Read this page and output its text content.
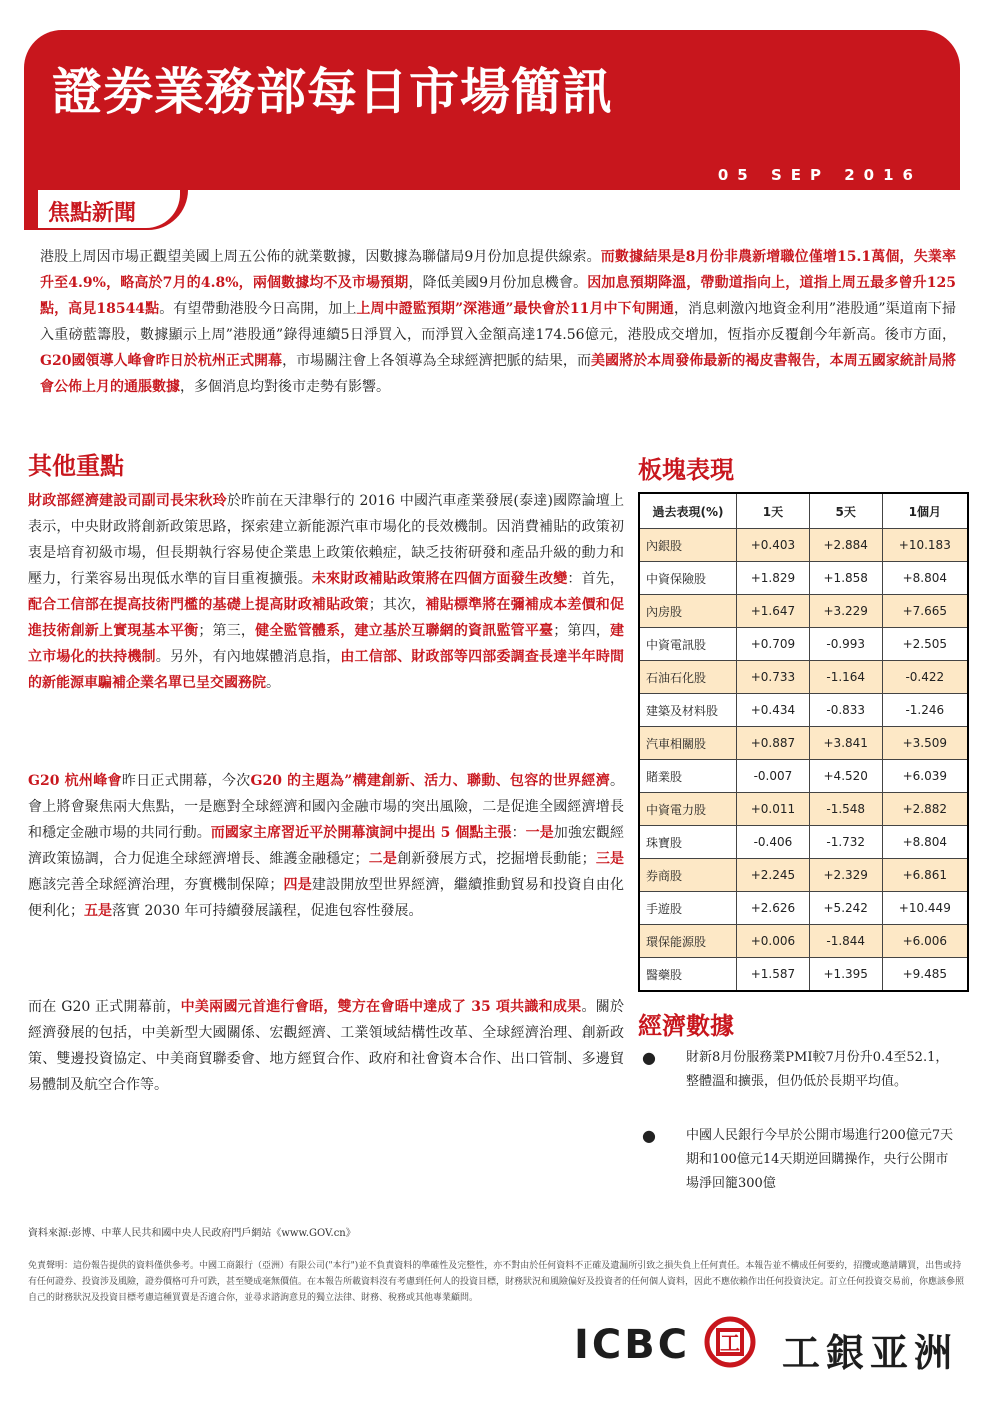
證劵業務部每日市場簡訊
05 SEP 2016
焦點新聞
港股上周因市場正觀望美國上周五公佈的就業數據，因數據為聯儲局9月份加息提供線索。而數據結果是8月份非農新增職位僅增15.1萬個，失業率升至4.9%，略高於7月的4.8%，兩個數據均不及市場預期，降低美國9月份加息機會。因加息預期降溫，帶動道指向上，道指上周五最多曾升125點，高見18544點。有望帶動港股今日高開，加上上周中證監預期”深港通”最快會於11月中下旬開通，消息刺激內地資金利用”港股通”渠道南下掃入重磅藍籌股，數據顯示上周”港股通”錄得連續5日淨買入，而淨買入金額高達174.56億元，港股成交增加，恆指亦反覆創今年新高。後市方面，G20國領導人峰會昨日於杭州正式開幕，市場關注會上各領導為全球經濟把脈的結果，而美國將於本周發佈最新的褐皮書報告，本周五國家統計局將會公佈上月的通脹數據，多個消息均對後市走勢有影響。
其他重點
財政部經濟建設司副司長宋秋玲於昨前在天津舉行的 2016 中國汽車產業發展(泰達)國際論壇上表示，中央財政將創新政策思路，探索建立新能源汽車市場化的長效機制。因消費補貼的政策初衷是培育初級市場，但長期執行容易使企業患上政策依賴症，缺乏技術研發和產品升級的動力和壓力，行業容易出現低水準的盲目重複擴張。未來財政補貼政策將在四個方面發生改變：首先，配合工信部在提高技術門檻的基礎上提高財政補貼政策；其次，補貼標準將在彌補成本差價和促進技術創新上實現基本平衡；第三，健全監管體系，建立基於互聯網的資訊監管平臺；第四，建立市場化的扶持機制。另外，有內地媒體消息指，由工信部、財政部等四部委調查長達半年時間的新能源車騙補企業名單已呈交國務院。
G20 杭州峰會昨日正式開幕，今次G20 的主題為”構建創新、活力、聯動、包容的世界經濟。會上將會聚焦兩大焦點，一是應對全球經濟和國內金融市場的突出風險，二是促進全國經濟增長和穩定金融市場的共同行動。而國家主席習近平於開幕演詞中提出 5 個點主張：一是加強宏觀經濟政策協調，合力促進全球經濟增長、維護金融穩定；二是創新發展方式，挖掘增長動能；三是應該完善全球經濟治理，夯實機制保障；四是建設開放型世界經濟，繼續推動貿易和投資自由化便利化；五是落實 2030 年可持續發展議程，促進包容性發展。
而在 G20 正式開幕前，中美兩國元首進行會晤，雙方在會晤中達成了 35 項共識和成果。關於經濟發展的包括，中美新型大國關係、宏觀經濟、工業領域結構性改革、全球經濟治理、創新政策、雙邊投資協定、中美商貿聯委會、地方經貿合作、政府和社會資本合作、出口管制、多邊貿易體制及航空合作等。
板塊表現
過去表現(%)	1天	5天	1個月
內銀股	+0.403	+2.884	+10.183
中資保險股	+1.829	+1.858	+8.804
內房股	+1.647	+3.229	+7.665
中資電訊股	+0.709	-0.993	+2.505
石油石化股	+0.733	-1.164	-0.422
建築及材料股	+0.434	-0.833	-1.246
汽車相關股	+0.887	+3.841	+3.509
賭業股	-0.007	+4.520	+6.039
中資電力股	+0.011	-1.548	+2.882
珠寶股	-0.406	-1.732	+8.804
券商股	+2.245	+2.329	+6.861
手遊股	+2.626	+5.242	+10.449
環保能源股	+0.006	-1.844	+6.006
醫藥股	+1.587	+1.395	+9.485
經濟數據
● 財新8月份服務業PMI較7月份升0.4至52.1，整體溫和擴張，但仍低於長期平均值。
● 中國人民銀行今早於公開市場進行200億元7天期和100億元14天期逆回購操作，央行公開市場淨回籠300億
資料來源:彭博、中華人民共和國中央人民政府門戶網站《www.GOV.cn》
免責聲明：這份報告提供的資料僅供參考。中國工商銀行（亞洲）有限公司("本行")並不負責資料的準確性及完整性，亦不對由於任何資料不正確及遺漏所引致之損失負上任何責任。本報告並不構成任何要約，招攬或邀請購買，出售或持有任何證券、投資涉及風險，證券價格可升可跌，甚至變成毫無價值。在本報告所載資料沒有考慮到任何人的投資目標，財務狀況和風險偏好及投資者的任何個人資料，因此不應依賴作出任何投資決定。訂立任何投資交易前，你應該參照自己的財務狀況及投資目標考慮這種買賣是否適合你，並尋求諮詢意見的獨立法律、財務、稅務或其他專業顧問。
ICBC 工 工銀亚洲
